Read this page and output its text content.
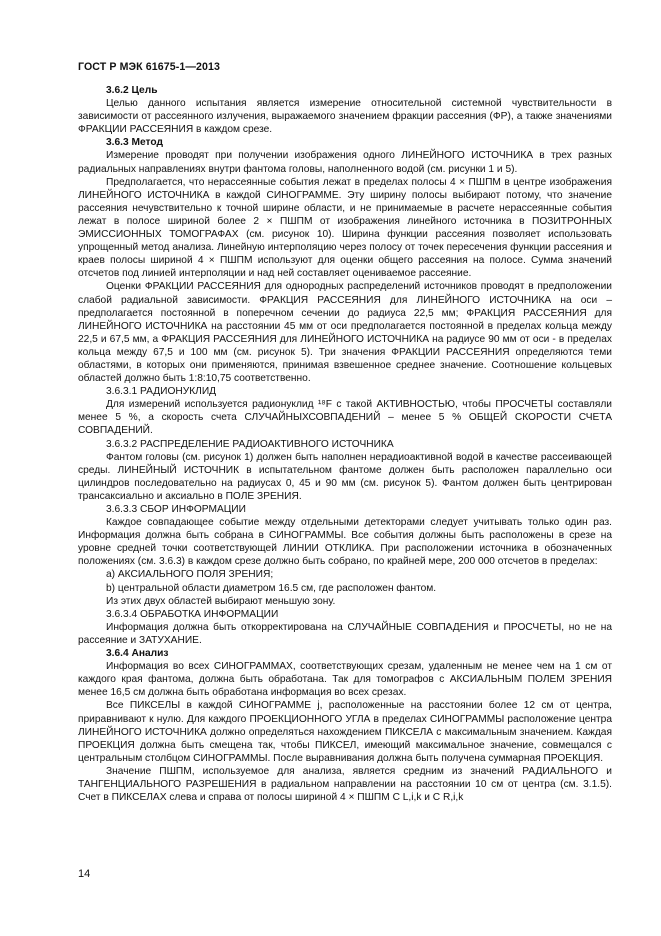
ГОСТ Р МЭК 61675-1—2013

3.6.2 Цель

Целью данного испытания является измерение относительной системной чувствительности в зависимости от рассеянного излучения, выражаемого значением фракции рассеяния (ФР), а также значениями ФРАКЦИИ РАССЕЯНИЯ в каждом срезе.

3.6.3 Метод

Измерение проводят при получении изображения одного ЛИНЕЙНОГО ИСТОЧНИКА в трех разных радиальных направлениях внутри фантома головы, наполненного водой (см. рисунки 1 и 5).

Предполагается, что нерассеянные события лежат в пределах полосы 4 × ПШПМ в центре изображения ЛИНЕЙНОГО ИСТОЧНИКА в каждой СИНОГРАММЕ. Эту ширину полосы выбирают потому, что значение рассеяния нечувствительно к точной ширине области, и не принимаемые в расчете нерассеянные события лежат в полосе шириной более 2 × ПШПМ от изображения линейного источника в ПОЗИТРОННЫХ ЭМИССИОННЫХ ТОМОГРАФАХ (см. рисунок 10). Ширина функции рассеяния позволяет использовать упрощенный метод анализа. Линейную интерполяцию через полосу от точек пересечения функции рассеяния и краев полосы шириной 4 × ПШПМ используют для оценки общего рассеяния на полосе. Сумма значений отсчетов под линией интерполяции и над ней составляет оцениваемое рассеяние.

Оценки ФРАКЦИИ РАССЕЯНИЯ для однородных распределений источников проводят в предположении слабой радиальной зависимости. ФРАКЦИЯ РАССЕЯНИЯ для ЛИНЕЙНОГО ИСТОЧНИКА на оси – предполагается постоянной в поперечном сечении до радиуса 22,5 мм; ФРАКЦИЯ РАССЕЯНИЯ для ЛИНЕЙНОГО ИСТОЧНИКА на расстоянии 45 мм от оси предполагается постоянной в пределах кольца между 22,5 и 67,5 мм, а ФРАКЦИЯ РАССЕЯНИЯ для ЛИНЕЙНОГО ИСТОЧНИКА на радиусе 90 мм от оси - в пределах кольца между 67,5 и 100 мм (см. рисунок 5). Три значения ФРАКЦИИ РАССЕЯНИЯ определяются теми областями, в которых они применяются, принимая взвешенное среднее значение. Соотношение кольцевых областей должно быть 1:8:10,75 соответственно.

3.6.3.1 РАДИОНУКЛИД

Для измерений используется радионуклид ¹⁸F с такой АКТИВНОСТЬЮ, чтобы ПРОСЧЕТЫ составляли менее 5 %, а скорость счета СЛУЧАЙНЫХСОВПАДЕНИЙ – менее 5 % ОБЩЕЙ СКОРОСТИ СЧЕТА СОВПАДЕНИЙ.

3.6.3.2 РАСПРЕДЕЛЕНИЕ РАДИОАКТИВНОГО ИСТОЧНИКА

Фантом головы (см. рисунок 1) должен быть наполнен нерадиоактивной водой в качестве рассеивающей среды. ЛИНЕЙНЫЙ ИСТОЧНИК в испытательном фантоме должен быть расположен параллельно оси цилиндров последовательно на радиусах 0, 45 и 90 мм (см. рисунок 5). Фантом должен быть центрирован трансаксиально и аксиально в ПОЛЕ ЗРЕНИЯ.

3.6.3.3 СБОР ИНФОРМАЦИИ

Каждое совпадающее событие между отдельными детекторами следует учитывать только один раз. Информация должна быть собрана в СИНОГРАММЫ. Все события должны быть расположены в срезе на уровне средней точки соответствующей ЛИНИИ ОТКЛИКА. При расположении источника в обозначенных положениях (см. 3.6.3) в каждом срезе должно быть собрано, по крайней мере, 200 000 отсчетов в пределах:

а) АКСИАЛЬНОГО ПОЛЯ ЗРЕНИЯ;

b) центральной области диаметром 16.5 см, где расположен фантом.

Из этих двух областей выбирают меньшую зону.

3.6.3.4 ОБРАБОТКА ИНФОРМАЦИИ

Информация должна быть откорректирована на СЛУЧАЙНЫЕ СОВПАДЕНИЯ и ПРОСЧЕТЫ, но не на рассеяние и ЗАТУХАНИЕ.

3.6.4 Анализ

Информация во всех СИНОГРАММАХ, соответствующих срезам, удаленным не менее чем на 1 см от каждого края фантома, должна быть обработана. Так для томографов с АКСИАЛЬНЫМ ПОЛЕМ ЗРЕНИЯ менее 16,5 см должна быть обработана информация во всех срезах.

Все ПИКСЕЛЫ в каждой СИНОГРАММЕ j, расположенные на расстоянии более 12 см от центра, приравнивают к нулю. Для каждого ПРОЕКЦИОННОГО УГЛА в пределах СИНОГРАММЫ расположение центра ЛИНЕЙНОГО ИСТОЧНИКА должно определяться нахождением ПИКСЕЛА с максимальным значением. Каждая ПРОЕКЦИЯ должна быть смещена так, чтобы ПИКСЕЛ, имеющий максимальное значение, совмещался с центральным столбцом СИНОГРАММЫ. После выравнивания должна быть получена суммарная ПРОЕКЦИЯ.

Значение ПШПМ, используемое для анализа, является средним из значений РАДИАЛЬНОГО и ТАНГЕНЦИАЛЬНОГО РАЗРЕШЕНИЯ в радиальном направлении на расстоянии 10 см от центра (см. 3.1.5). Счет в ПИКСЕЛАХ слева и справа от полосы шириной 4 × ПШПМ C L,i,k и C R,i,k

14
